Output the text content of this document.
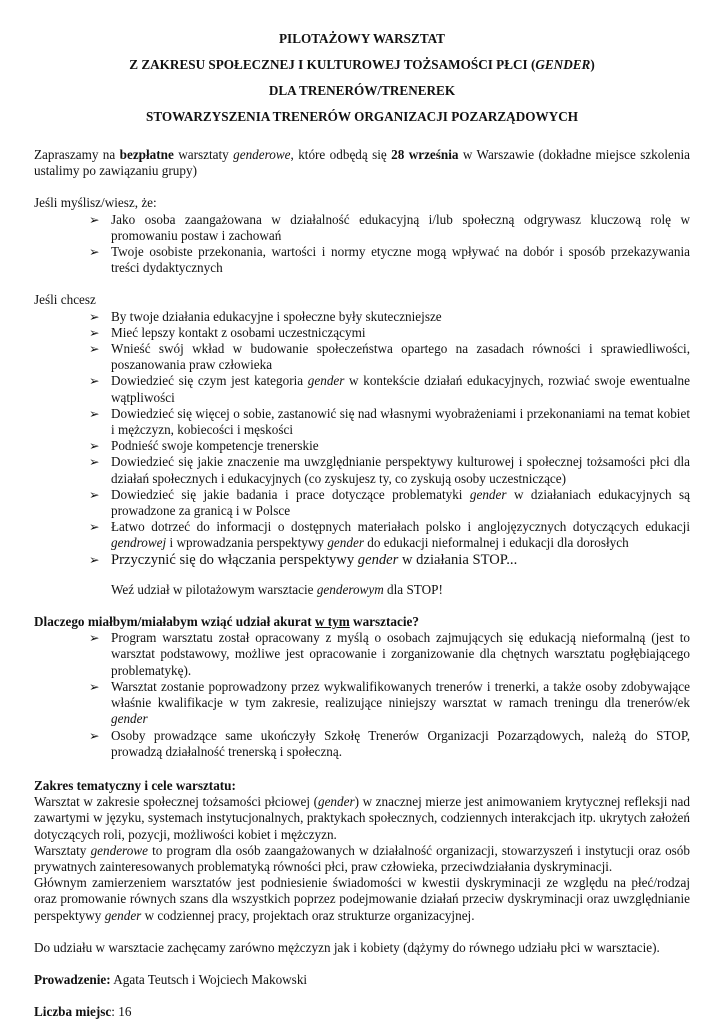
PILOTAŻOWY WARSZTAT
Z ZAKRESU SPOŁECZNEJ I KULTUROWEJ TOŻSAMOŚCI PŁCI (GENDER)
DLA TRENERÓW/TRENEREK
STOWARZYSZENIA TRENERÓW ORGANIZACJI POZARZĄDOWYCH

Zapraszamy na bezpłatne warsztaty genderowe, które odbędą się 28 września w Warszawie (dokładne miejsce szkolenia ustalimy po zawiązaniu grupy)

Jeśli myślisz/wiesz, że:

➢ Jako osoba zaangażowana w działalność edukacyjną i/lub społeczną odgrywasz kluczową rolę w promowaniu postaw i zachowań
➢ Twoje osobiste przekonania, wartości i normy etyczne mogą wpływać na dobór i sposób przekazywania treści dydaktycznych

Jeśli chcesz

➢ By twoje działania edukacyjne i społeczne były skuteczniejsze
➢ Mieć lepszy kontakt z osobami uczestniczącymi
➢ Wnieść swój wkład w budowanie społeczeństwa opartego na zasadach równości i sprawiedliwości, poszanowania praw człowieka
➢ Dowiedzieć się czym jest kategoria gender w kontekście działań edukacyjnych, rozwiać swoje ewentualne wątpliwości
➢ Dowiedzieć się więcej o sobie, zastanowić się nad własnymi wyobrażeniami i przekonaniami na temat kobiet i mężczyzn, kobiecości i męskości
➢ Podnieść swoje kompetencje trenerskie
➢ Dowiedzieć się jakie znaczenie ma uwzględnianie perspektywy kulturowej i społecznej tożsamości płci dla działań społecznych i edukacyjnych (co zyskujesz ty, co zyskują osoby uczestniczące)
➢ Dowiedzieć się jakie badania i prace dotyczące problematyki gender w działaniach edukacyjnych są prowadzone za granicą i w Polsce
➢ Łatwo dotrzeć do informacji o dostępnych materiałach polsko i anglojęzycznych dotyczących edukacji gendrowej i wprowadzania perspektywy gender do edukacji nieformalnej i edukacji dla dorosłych
➢ Przyczynić się do włączania perspektywy gender w działania STOP...

Weź udział w pilotażowym warsztacie genderowym dla STOP!

Dlaczego miałbym/miałabym wziąć udział akurat w tym warsztacie?

➢ Program warsztatu został opracowany z myślą o osobach zajmujących się edukacją nieformalną (jest to warsztat podstawowy, możliwe jest opracowanie i zorganizowanie dla chętnych warsztatu pogłębiającego problematykę).
➢ Warsztat zostanie poprowadzony przez wykwalifikowanych trenerów i trenerki, a także osoby zdobywające właśnie kwalifikacje w tym zakresie, realizujące niniejszy warsztat w ramach treningu dla trenerów/ek gender
➢ Osoby prowadzące same ukończyły Szkołę Trenerów Organizacji Pozarządowych, należą do STOP, prowadzą działalność trenerską i społeczną.

Zakres tematyczny i cele warsztatu:

Warsztat w zakresie społecznej tożsamości płciowej (gender) w znacznej mierze jest animowaniem krytycznej refleksji nad zawartymi w języku, systemach instytucjonalnych, praktykach społecznych, codziennych interakcjach itp. ukrytych założeń dotyczących roli, pozycji, możliwości kobiet i mężczyzn.

Warsztaty genderowe to program dla osób zaangażowanych w działalność organizacji, stowarzyszeń i instytucji oraz osób prywatnych zainteresowanych problematyką równości płci, praw człowieka, przeciwdziałania dyskryminacji.

Głównym zamierzeniem warsztatów jest podniesienie świadomości w kwestii dyskryminacji ze względu na płeć/rodzaj oraz promowanie równych szans dla wszystkich poprzez podejmowanie działań przeciw dyskryminacji oraz uwzględnianie perspektywy gender w codziennej pracy, projektach oraz strukturze organizacyjnej.

Do udziału w warsztacie zachęcamy zarówno mężczyzn jak i kobiety (dążymy do równego udziału płci w warsztacie).

Prowadzenie: Agata Teutsch i Wojciech Makowski

Liczba miejsc: 16
